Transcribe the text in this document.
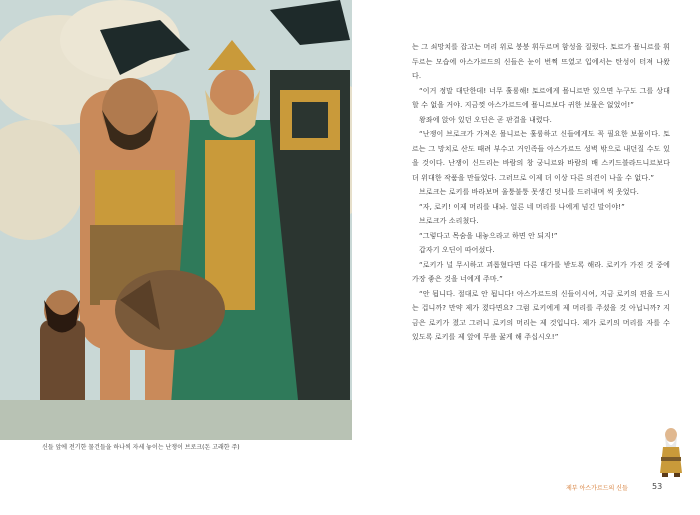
신들 앞에 전기한 물건들을 하나씩 자세 놓이는 난쟁이 브로크(돈 고래한 주)

는 그 쇠망치를 잡고는 머리 위로 붕붕 휘두르며 함성을 질렀다. 토르가 묠니르를 휘두르는 모습에 아스가르드의 신들은 눈이 번쩍 뜨였고 입에서는 탄성이 터져 나왔다.

“이거 정말 대단한데! 너무 훌륭해! 토르에게 묠니르만 있으면 누구도 그를 상대할 수 없을 거야. 지금껏 아스가르드에 묠니르보다 귀한 보물은 없었어!”

왕좌에 앉아 있던 오딘은 곧 판결을 내렸다.

“난쟁이 브로크가 가져온 묠니르는 훌륭하고 신들에게도 꼭 필요한 보물이다. 토르는 그 망치로 산도 때려 부수고 거인족들 아스가르드 성벽 밖으로 내던질 수도 있을 것이다. 난쟁이 신드리는 바람의 창 궁니르와 바람의 배 스키드블라드니르보다 더 위대한 작품을 만들었다. 그러므로 이제 더 이상 다른 의견이 나올 수 없다.”

브로크는 로키를 바라보며 울퉁불퉁 못생긴 덧니를 드러내며 씩 웃었다.

“자, 로키! 이제 머리를 내놔. 얼른 네 머리를 나에게 넘긴 말이야!”

브로크가 소리쳤다.

“그렇다고 목숨을 내놓으라고 하면 안 되지!”

갑자기 오딘이 따어섰다.

“로키가 널 무시하고 괴롭혔다면 다른 대가를 받도록 해라. 로키가 가진 것 중에 가장 좋은 것을 너에게 주마.”

“안 됩니다. 절대로 안 됩니다! 아스가르드의 신들이시여, 지금 로키의 편을 드시는 겁니까? 만약 제가 졌다면요? 그럼 로키에게 제 머리를 주셨을 것 아닙니까? 지금은 로키가 졌고 그러니 로키의 머리는 제 것입니다. 제가 로키의 머리를 자를 수 있도록 로키를 제 앞에 무릎 꿇게 해 주십시오!”

제부 아스가르드의 신들	53
